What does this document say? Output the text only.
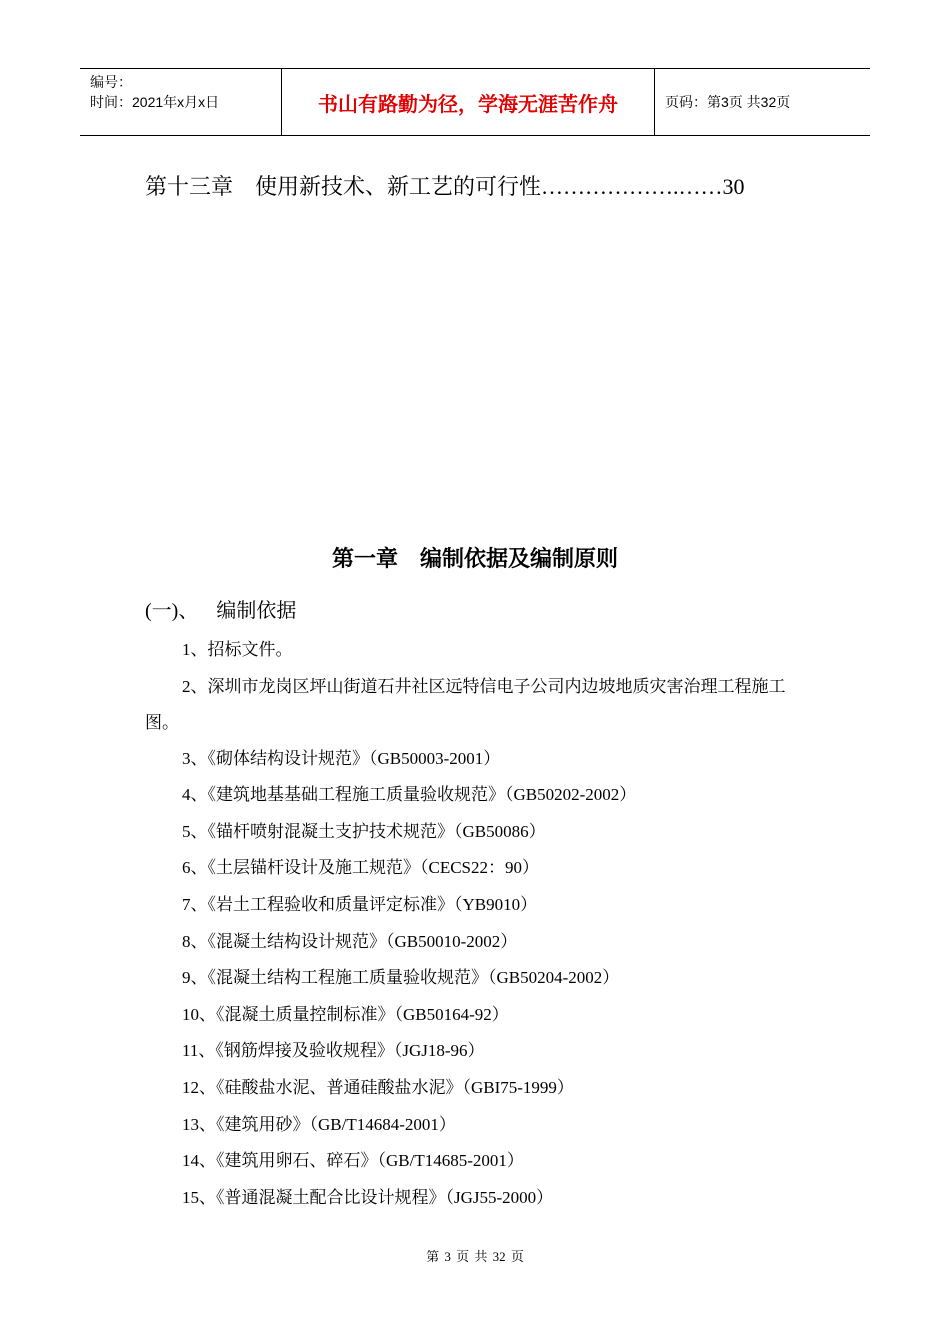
编号：
时间：2021年x月x日	书山有路勤为径，学海无涯苦作舟	页码：第3页 共32页
第十三章　使用新技术、新工艺的可行性……………….……30
第一章　编制依据及编制原则
(一)、 编制依据

1、招标文件。

2、深圳市龙岗区坪山街道石井社区远特信电子公司内边坡地质灾害治理工程施工图。

3、《砌体结构设计规范》（GB50003-2001）

4、《建筑地基基础工程施工质量验收规范》（GB50202-2002）

5、《锚杆喷射混凝土支护技术规范》（GB50086）

6、《土层锚杆设计及施工规范》（CECS22：90）

7、《岩土工程验收和质量评定标准》（YB9010）

8、《混凝土结构设计规范》（GB50010-2002）

9、《混凝土结构工程施工质量验收规范》（GB50204-2002）

10、《混凝土质量控制标准》（GB50164-92）

11、《钢筋焊接及验收规程》（JGJ18-96）

12、《硅酸盐水泥、普通硅酸盐水泥》（GBI75-1999）

13、《建筑用砂》（GB/T14684-2001）

14、《建筑用卵石、碎石》（GB/T14685-2001）

15、《普通混凝土配合比设计规程》（JGJ55-2000）

第 3 页 共 32 页
